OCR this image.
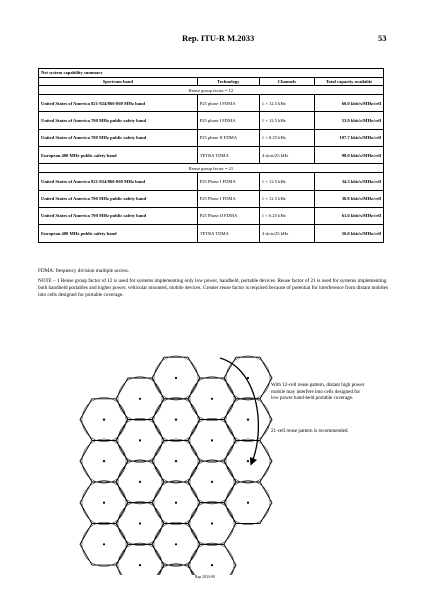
Rep. ITU-R M.2033	53
Net system capability summary			
Spectrum band	Technology	Channels	Total capacity available
Reuse group factor = 12			
United States of America 821-824/866-869 MHz band	P25 phase I FDMA	1 × 12.5 kHz	60.0 kbit/s/MHz/cell
United States of America 700 MHz public safety band	P25 phase I FDMA	1 × 12.5 kHz	53.9 kbit/s/MHz/cell
United States of America 700 MHz public safety band	P25 phase II FDMA	1 × 6.25 kHz	107.7 kbit/s/MHz/cell
European 400 MHz public safety band	TETRA TDMA	4 slots/25 kHz	98.0 kbit/s/MHz/cell
Reuse group factor = 21			
United States of America 821-824/866-869 MHz band	P25 Phase I FDMA	1 × 12.5 kHz	34.3 kbit/s/MHz/cell
United States of America 700 MHz public safety band	P25 Phase I FDMA	1 × 12.5 kHz	30.8 kbit/s/MHz/cell
United States of America 700 MHz public safety band	P25 Phase II FDMA	1 × 6.25 kHz	61.6 kbit/s/MHz/cell
European 400 MHz public safety band	TETRA TDMA	4 slots/25 kHz	56.0 kbit/s/MHz/cell

FDMA: frequency division multiple access.

NOTE – 1 Reuse group factor of 12 is used for systems implementing only low power, handheld, portable devices. Reuse factor of 21 is used for systems implementing both handheld portables and higher power, vehicular mounted, mobile devices. Greater reuse factor is required because of potential for interference from distant mobiles into cells designed for portable coverage.

With 12-cell reuse pattern, distant high power mobile may interfere into cells designed for low power hand-held portable coverage.
21-cell reuse pattern is recommended.
Rap 2033-00
